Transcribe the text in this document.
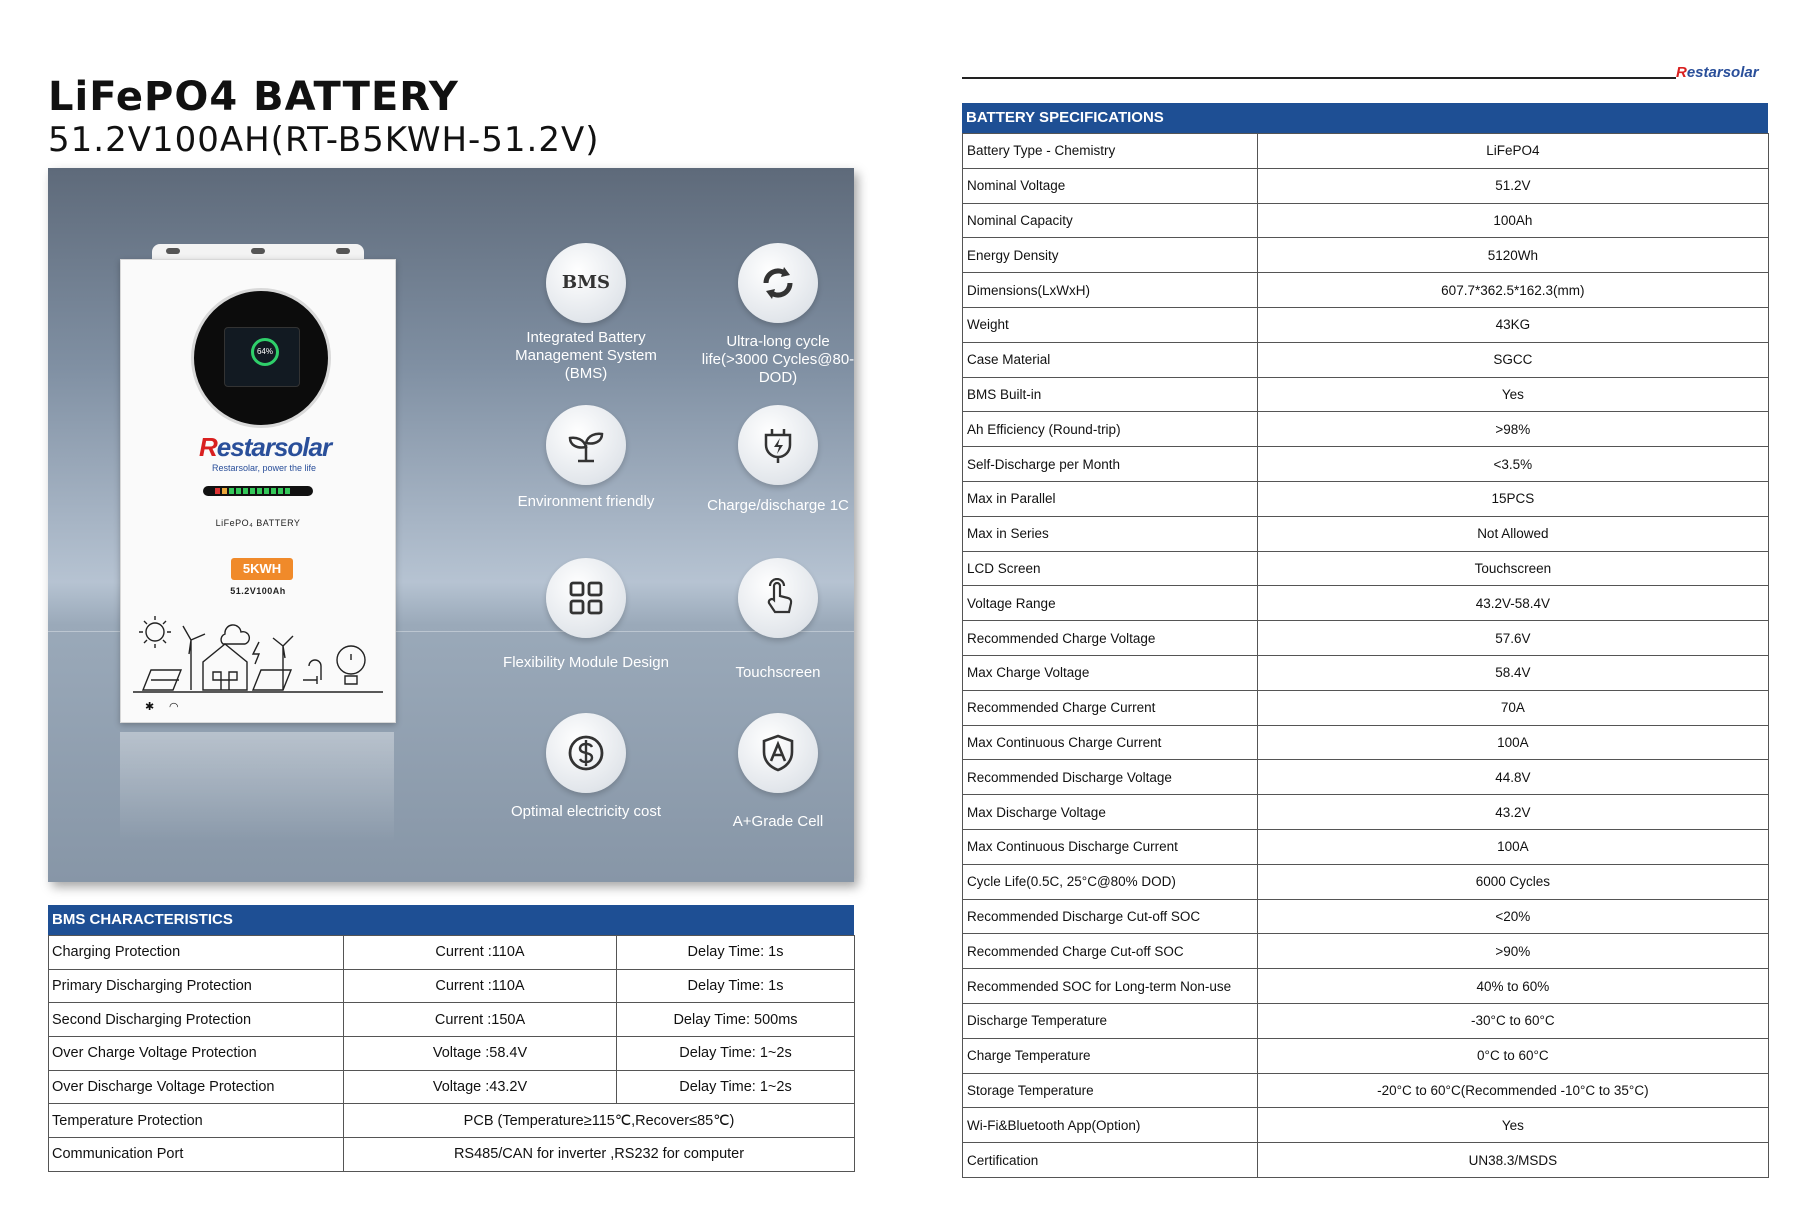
LiFePO4 BATTERY
51.2V100AH(RT-B5KWH-51.2V)
64%
Restarsolar
Restarsolar, power the life
LiFePO₄ BATTERY
5KWH
51.2V100Ah
✱ ◠
BMS
Integrated Battery Management System (BMS)
Ultra-long cycle life(>3000 Cycles@80-DOD)
Environment friendly	Charge/discharge 1C
Flexibility Module Design
Touchscreen
Optimal electricity cost
A+Grade Cell
BMS CHARACTERISTICS
Charging Protection	Current :110A	Delay Time: 1s
Primary Discharging Protection	Current :110A	Delay Time: 1s
Second Discharging Protection	Current :150A	Delay Time: 500ms
Over Charge Voltage Protection	Voltage :58.4V	Delay Time: 1~2s
Over Discharge Voltage Protection	Voltage :43.2V	Delay Time: 1~2s
Temperature Protection	PCB (Temperature≥115℃,Recover≤85℃)	
Communication Port	RS485/CAN for inverter ,RS232 for computer	
Restarsolar
BATTERY SPECIFICATIONS
Battery Type - Chemistry	LiFePO4
Nominal Voltage	51.2V
Nominal Capacity	100Ah
Energy Density	5120Wh
Dimensions(LxWxH)	607.7*362.5*162.3(mm)
Weight	43KG
Case Material	SGCC
BMS Built-in	Yes
Ah Efficiency (Round-trip)	>98%
Self-Discharge per Month	<3.5%
Max in Parallel	15PCS
Max in Series	Not Allowed
LCD Screen	Touchscreen
Voltage Range	43.2V-58.4V
Recommended Charge Voltage	57.6V
Max Charge Voltage	58.4V
Recommended Charge Current	70A
Max Continuous Charge Current	100A
Recommended Discharge Voltage	44.8V
Max Discharge Voltage	43.2V
Max Continuous Discharge Current	100A
Cycle Life(0.5C, 25°C@80% DOD)	6000 Cycles
Recommended Discharge Cut-off SOC	<20%
Recommended Charge Cut-off SOC	>90%
Recommended SOC for Long-term Non-use	40% to 60%
Discharge Temperature	-30°C to 60°C
Charge Temperature	0°C to 60°C
Storage Temperature	-20°C to 60°C(Recommended -10°C to 35°C)
Wi-Fi&Bluetooth App(Option)	Yes
Certification	UN38.3/MSDS
